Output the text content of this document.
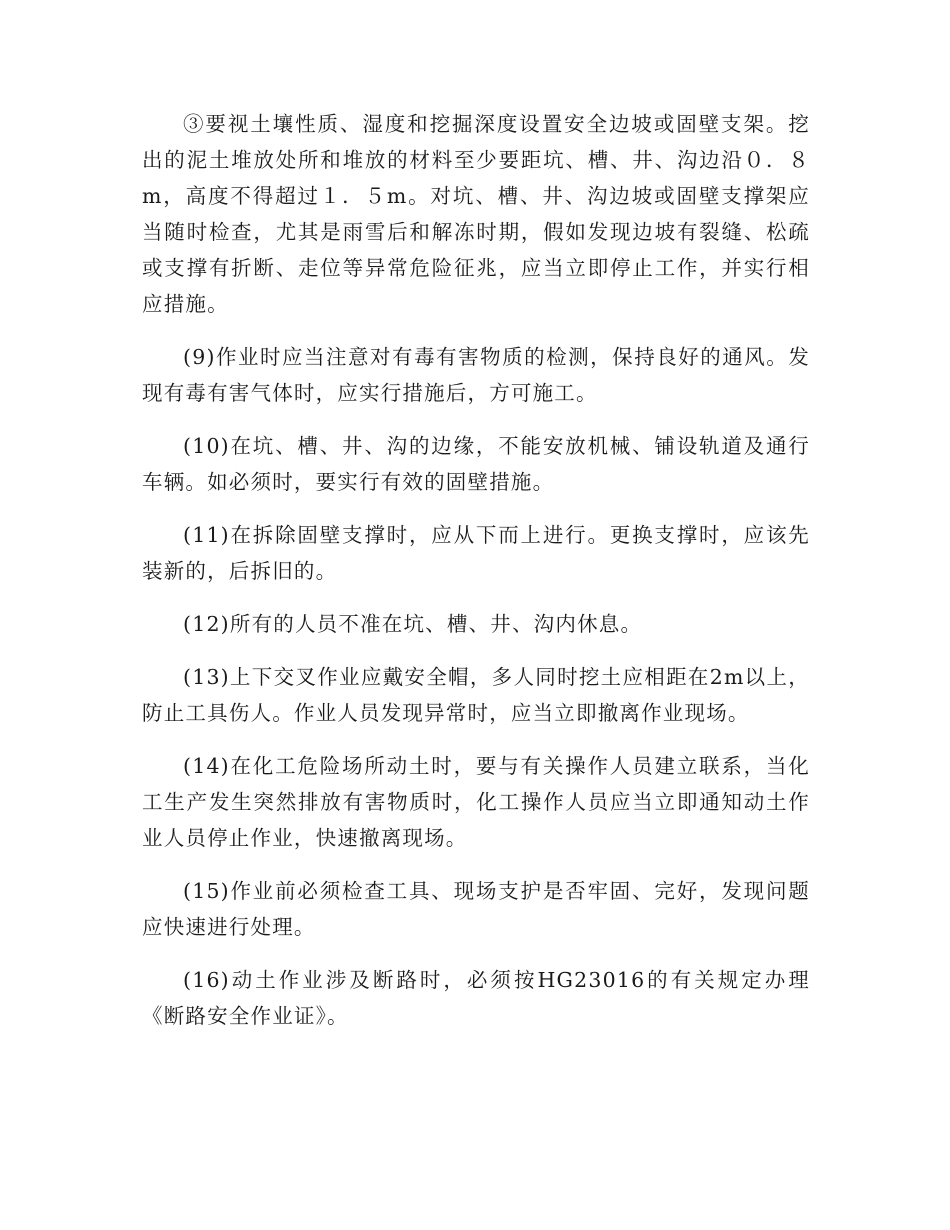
③要视土壤性质、湿度和挖掘深度设置安全边坡或固壁支架。挖出的泥土堆放处所和堆放的材料至少要距坑、槽、井、沟边沿０．８m，高度不得超过１．５m。对坑、槽、井、沟边坡或固壁支撑架应当随时检查，尤其是雨雪后和解冻时期，假如发现边坡有裂缝、松疏或支撑有折断、走位等异常危险征兆，应当立即停止工作，并实行相应措施。

(9)作业时应当注意对有毒有害物质的检测，保持良好的通风。发现有毒有害气体时，应实行措施后，方可施工。

(10)在坑、槽、井、沟的边缘，不能安放机械、铺设轨道及通行车辆。如必须时，要实行有效的固壁措施。

(11)在拆除固壁支撑时，应从下而上进行。更换支撑时，应该先装新的，后拆旧的。

(12)所有的人员不准在坑、槽、井、沟内休息。

(13)上下交叉作业应戴安全帽，多人同时挖土应相距在2m以上，防止工具伤人。作业人员发现异常时，应当立即撤离作业现场。

(14)在化工危险场所动土时，要与有关操作人员建立联系，当化工生产发生突然排放有害物质时，化工操作人员应当立即通知动土作业人员停止作业，快速撤离现场。

(15)作业前必须检查工具、现场支护是否牢固、完好，发现问题应快速进行处理。

(16)动土作业涉及断路时，必须按HG23016的有关规定办理《断路安全作业证》。
